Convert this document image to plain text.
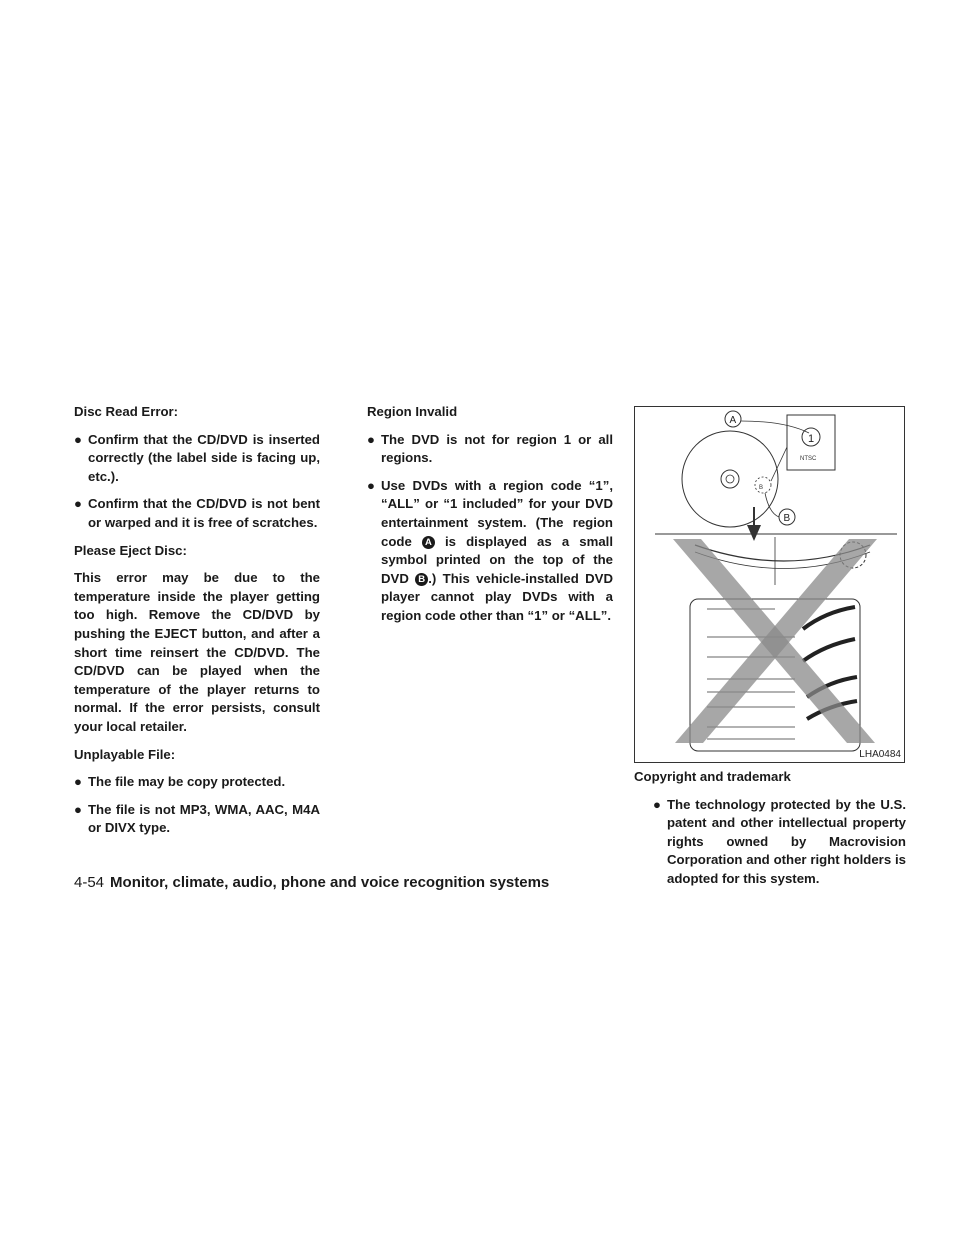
Disc Read Error:

● Confirm that the CD/DVD is inserted correctly (the label side is facing up, etc.).
● Confirm that the CD/DVD is not bent or warped and it is free of scratches.

Please Eject Disc:

This error may be due to the temperature inside the player getting too high. Remove the CD/DVD by pushing the EJECT button, and after a short time reinsert the CD/DVD. The CD/DVD can be played when the temperature of the player returns to normal. If the error persists, consult your local retailer.

Unplayable File:

● The file may be copy protected.
● The file is not MP3, WMA, AAC, M4A or DIVX type.

Region Invalid

● The DVD is not for region 1 or all regions.
● Use DVDs with a region code “1”, “ALL” or “1 included” for your DVD entertainment system. (The region code A is displayed as a small symbol printed on the top of the DVD B .) This vehicle-installed DVD player cannot play DVDs with a region code other than “1” or “ALL”.
B
1
NTSC
A
B
LHA0484

Copyright and trademark

● The technology protected by the U.S. patent and other intellectual property rights owned by Macrovision Corporation and other right holders is adopted for this system.
4-54 Monitor, climate, audio, phone and voice recognition systems
